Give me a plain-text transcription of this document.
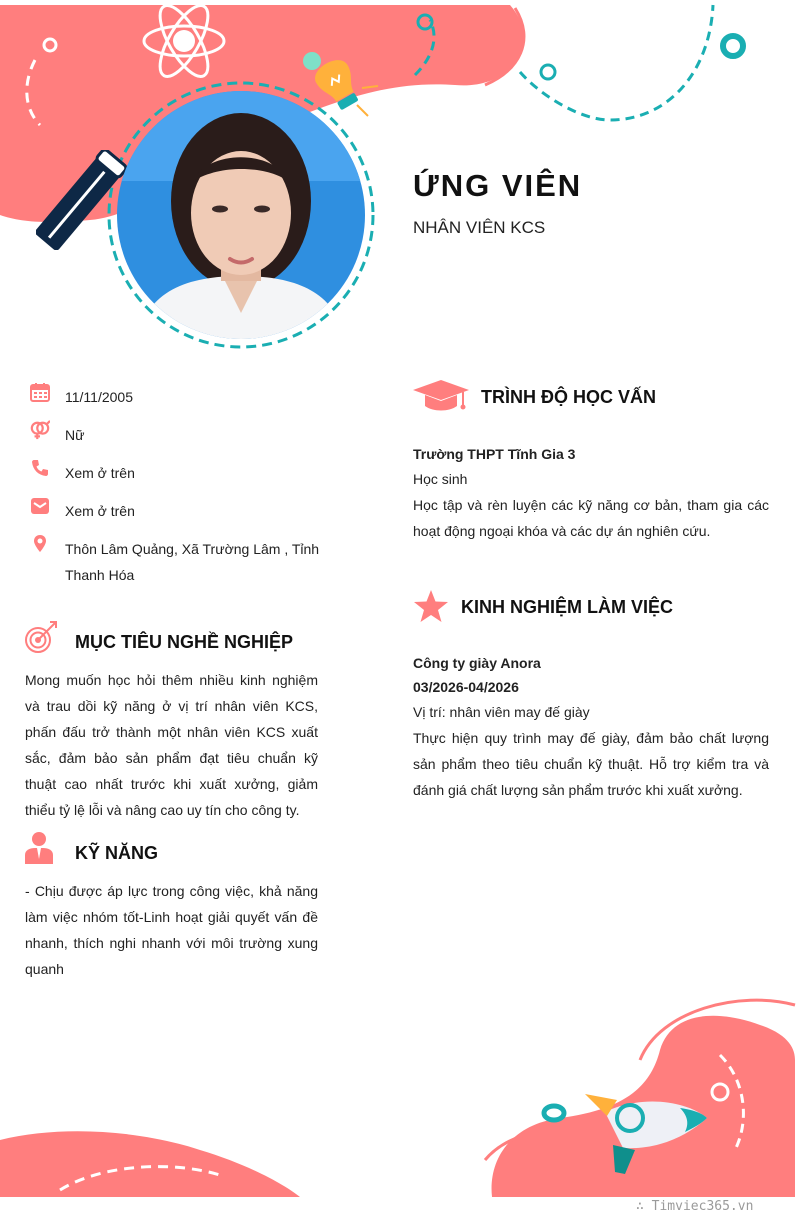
ỨNG VIÊN
NHÂN VIÊN KCS
11/11/2005
Nữ
Xem ở trên
Xem ở trên
Thôn Lâm Quảng, Xã Trường Lâm , Tỉnh Thanh Hóa
MỤC TIÊU NGHỀ NGHIỆP
Mong muốn học hỏi thêm nhiều kinh nghiệm và trau dồi kỹ năng ở vị trí nhân viên KCS, phấn đấu trở thành một nhân viên KCS xuất sắc, đảm bảo sản phẩm đạt tiêu chuẩn kỹ thuật cao nhất trước khi xuất xưởng, giảm thiểu tỷ lệ lỗi và nâng cao uy tín cho công ty.
KỸ NĂNG
- Chịu được áp lực trong công việc, khả năng làm việc nhóm tốt-Linh hoạt giải quyết vấn đề nhanh, thích nghi nhanh với môi trường xung quanh
TRÌNH ĐỘ HỌC VẤN
Trường THPT Tĩnh Gia 3
Học sinh
Học tập và rèn luyện các kỹ năng cơ bản, tham gia các hoạt động ngoại khóa và các dự án nghiên cứu.
KINH NGHIỆM LÀM VIỆC
Công ty giày Anora
03/2026-04/2026
Vị trí: nhân viên may đế giày
Thực hiện quy trình may đế giày, đảm bảo chất lượng sản phẩm theo tiêu chuẩn kỹ thuật. Hỗ trợ kiểm tra và đánh giá chất lượng sản phẩm trước khi xuất xưởng.
∴ Timviec365.vn
